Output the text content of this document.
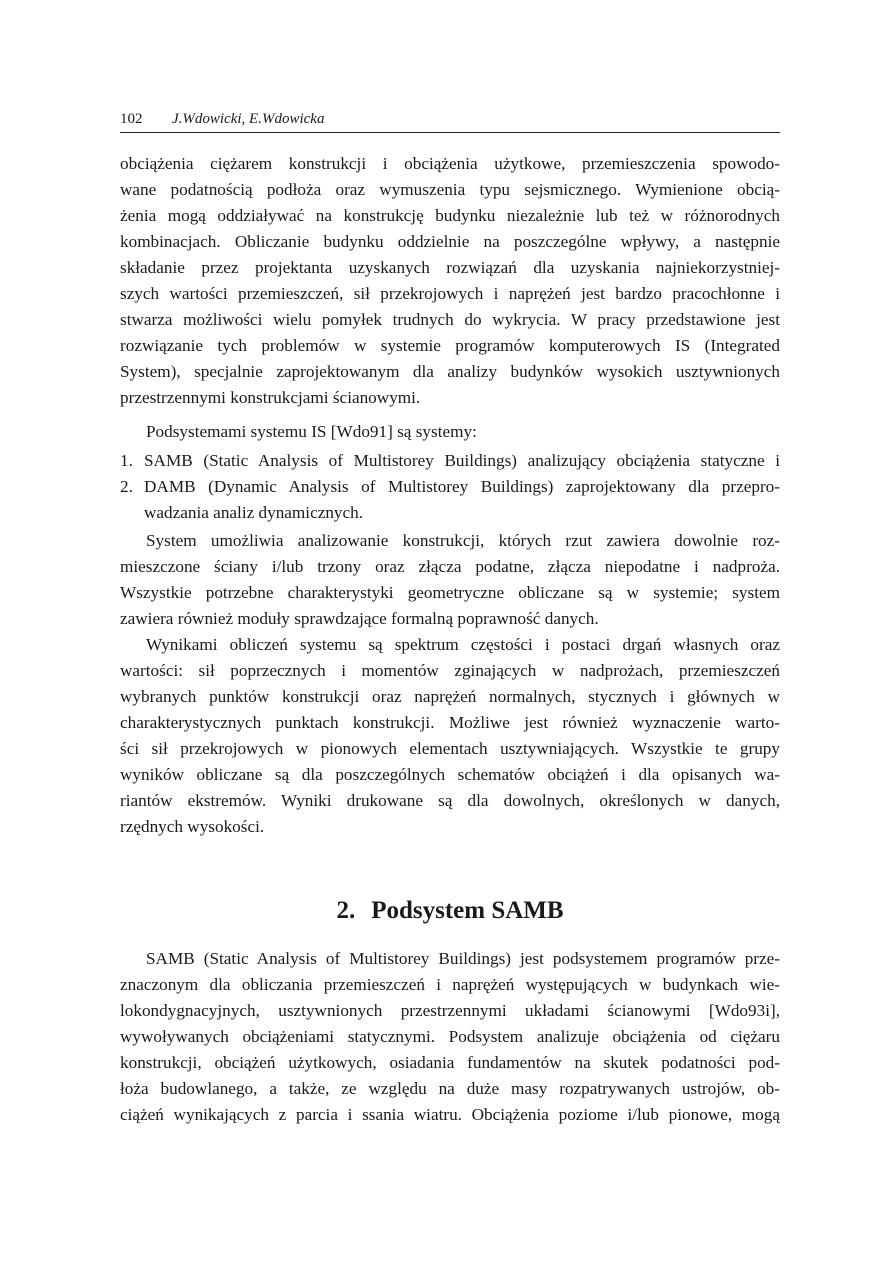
102 J.Wdowicki, E.Wdowicka
obciążenia ciężarem konstrukcji i obciążenia użytkowe, przemieszczenia spowodo-
wane podatnością podłoża oraz wymuszenia typu sejsmicznego. Wymienione obcią-
żenia mogą oddziaływać na konstrukcję budynku niezależnie lub też w różnorodnych
kombinacjach. Obliczanie budynku oddzielnie na poszczególne wpływy, a następnie
składanie przez projektanta uzyskanych rozwiązań dla uzyskania najniekorzystniej-
szych wartości przemieszczeń, sił przekrojowych i naprężeń jest bardzo pracochłonne i
stwarza możliwości wielu pomyłek trudnych do wykrycia. W pracy przedstawione jest
rozwiązanie tych problemów w systemie programów komputerowych IS (Integrated
System), specjalnie zaprojektowanym dla analizy budynków wysokich usztywnionych
przestrzennymi konstrukcjami ścianowymi.
Podsystemami systemu IS [Wdo91] są systemy:
1. SAMB (Static Analysis of Multistorey Buildings) analizujący obciążenia statyczne i
2. DAMB (Dynamic Analysis of Multistorey Buildings) zaprojektowany dla przepro-
wadzania analiz dynamicznych.
System umożliwia analizowanie konstrukcji, których rzut zawiera dowolnie roz-
mieszczone ściany i/lub trzony oraz złącza podatne, złącza niepodatne i nadproża.
Wszystkie potrzebne charakterystyki geometryczne obliczane są w systemie; system
zawiera również moduły sprawdzające formalną poprawność danych.
Wynikami obliczeń systemu są spektrum częstości i postaci drgań własnych oraz
wartości: sił poprzecznych i momentów zginających w nadprożach, przemieszczeń
wybranych punktów konstrukcji oraz naprężeń normalnych, stycznych i głównych w
charakterystycznych punktach konstrukcji. Możliwe jest również wyznaczenie warto-
ści sił przekrojowych w pionowych elementach usztywniających. Wszystkie te grupy
wyników obliczane są dla poszczególnych schematów obciążeń i dla opisanych wa-
riantów ekstremów. Wyniki drukowane są dla dowolnych, określonych w danych,
rzędnych wysokości.
2. Podsystem SAMB
SAMB (Static Analysis of Multistorey Buildings) jest podsystemem programów prze-
znaczonym dla obliczania przemieszczeń i naprężeń występujących w budynkach wie-
lokondygnacyjnych, usztywnionych przestrzennymi układami ścianowymi [Wdo93i],
wywoływanych obciążeniami statycznymi. Podsystem analizuje obciążenia od ciężaru
konstrukcji, obciążeń użytkowych, osiadania fundamentów na skutek podatności pod-
łoża budowlanego, a także, ze względu na duże masy rozpatrywanych ustrojów, ob-
ciążeń wynikających z parcia i ssania wiatru. Obciążenia poziome i/lub pionowe, mogą
